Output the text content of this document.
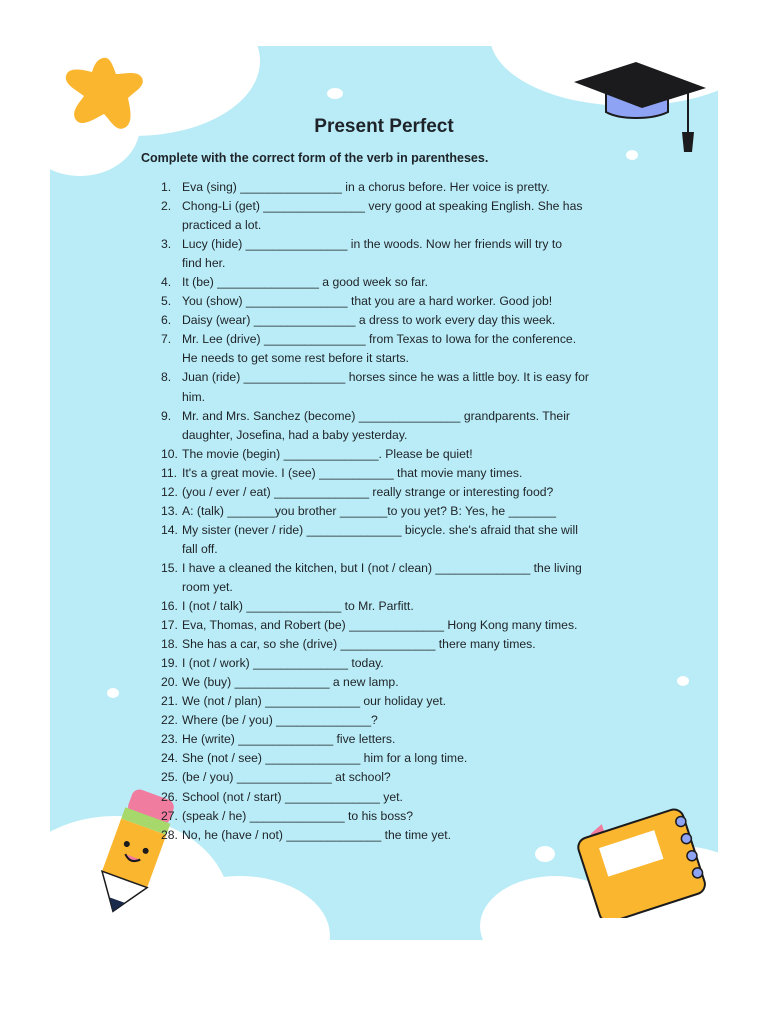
Present Perfect
Complete with the correct form of the verb in parentheses.
1. Eva (sing) _______________ in a chorus before. Her voice is pretty.
2. Chong-Li (get) _______________ very good at speaking English. She has
practiced a lot.
3. Lucy (hide) _______________ in the woods. Now her friends will try to
find her.
4. It (be) _______________ a good week so far.
5. You (show) _______________ that you are a hard worker. Good job!
6. Daisy (wear) _______________ a dress to work every day this week.
7. Mr. Lee (drive) _______________ from Texas to Iowa for the conference.
He needs to get some rest before it starts.
8. Juan (ride) _______________ horses since he was a little boy. It is easy for
him.
9. Mr. and Mrs. Sanchez (become) _______________ grandparents. Their
daughter, Josefina, had a baby yesterday.
10. The movie (begin) ______________. Please be quiet!
11. It's a great movie. I (see) ___________ that movie many times.
12. (you / ever / eat) ______________ really strange or interesting food?
13. A: (talk) _______you brother _______to you yet? B: Yes, he _______
14. My sister (never / ride) ______________ bicycle. she's afraid that she will
fall off.
15. I have a cleaned the kitchen, but I (not / clean) ______________ the living
room yet.
16. I (not / talk) ______________ to Mr. Parfitt.
17. Eva, Thomas, and Robert (be) ______________ Hong Kong many times.
18. She has a car, so she (drive) ______________ there many times.
19. I (not / work) ______________ today.
20. We (buy) ______________ a new lamp.
21. We (not / plan) ______________ our holiday yet.
22. Where (be / you) ______________?
23. He (write) ______________ five letters.
24. She (not / see) ______________ him for a long time.
25. (be / you) ______________ at school?
26. School (not / start) ______________ yet.
27. (speak / he) ______________ to his boss?
28. No, he (have / not) ______________ the time yet.
